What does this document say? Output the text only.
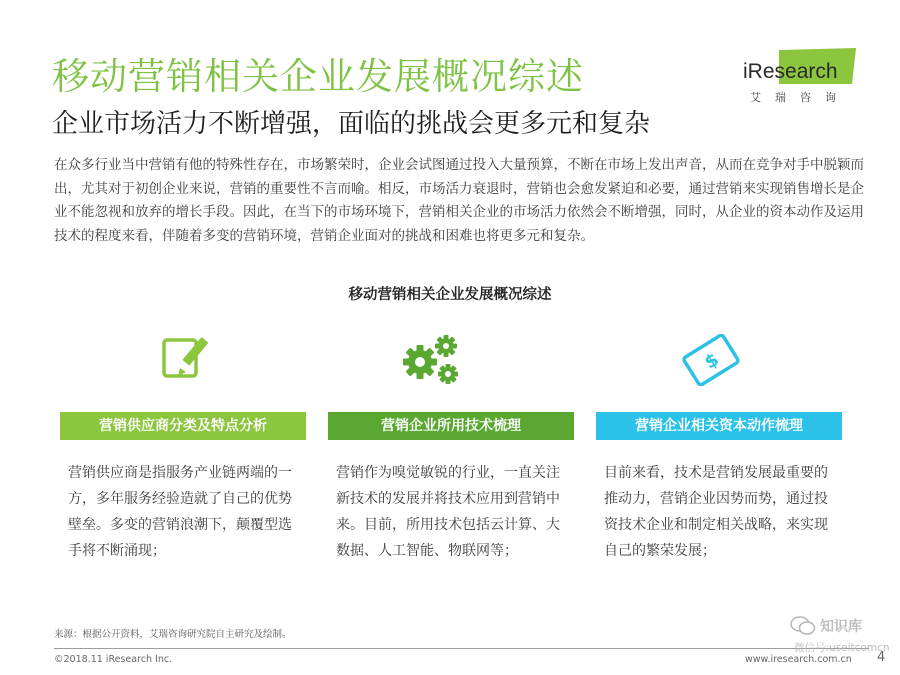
移动营销相关企业发展概况综述
企业市场活力不断增强，面临的挑战会更多元和复杂
iResearch
艾瑞咨询

在众多行业当中营销有他的特殊性存在，市场繁荣时，企业会试图通过投入大量预算，不断在市场上发出声音，从而在竞争对手中脱颖而出，尤其对于初创企业来说，营销的重要性不言而喻。相反，市场活力衰退时，营销也会愈发紧迫和必要，通过营销来实现销售增长是企业不能忽视和放弃的增长手段。因此，在当下的市场环境下，营销相关企业的市场活力依然会不断增强，同时，从企业的资本动作及运用技术的程度来看，伴随着多变的营销环境，营销企业面对的挑战和困难也将更多元和复杂。

移动营销相关企业发展概况综述
$
营销供应商分类及特点分析	营销企业所用技术梳理	营销企业相关资本动作梳理

营销供应商是指服务产业链两端的一方，多年服务经验造就了自己的优势壁垒。多变的营销浪潮下，颠覆型选手将不断涌现；

营销作为嗅觉敏锐的行业，一直关注新技术的发展并将技术应用到营销中来。目前，所用技术包括云计算、大数据、人工智能、物联网等；

目前来看，技术是营销发展最重要的推动力，营销企业因势而势，通过投资技术企业和制定相关战略，来实现自己的繁荣发展；

来源：根据公开资料，艾瑞咨询研究院自主研究及绘制。
©2018.11 iResearch Inc.	www.iresearch.com.cn 4
知识库
微信号:useitcomcn
